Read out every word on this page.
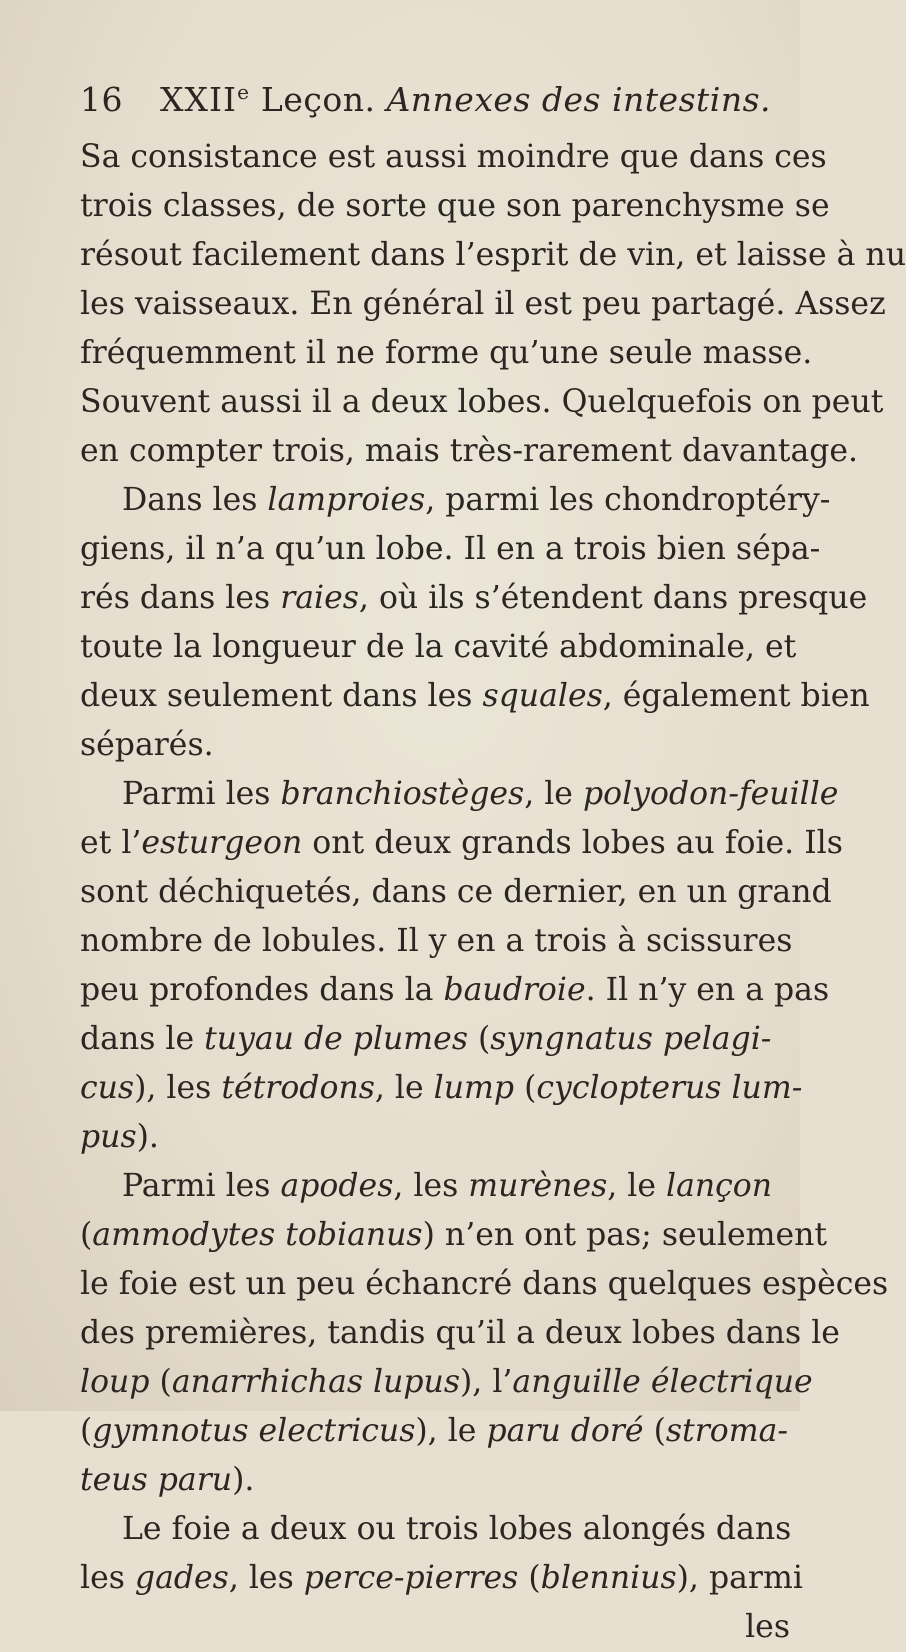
16 XXIIe Leçon. Annexes des intestins.
Sa consistance est aussi moindre que dans ces
trois classes, de sorte que son parenchysme se
résout facilement dans l’esprit de vin, et laisse à nu
les vaisseaux. En général il est peu partagé. Assez
fréquemment il ne forme qu’une seule masse.
Souvent aussi il a deux lobes. Quelquefois on peut
en compter trois, mais très-rarement davantage.
Dans les lamproies, parmi les chondroptéry-
giens, il n’a qu’un lobe. Il en a trois bien sépa-
rés dans les raies, où ils s’étendent dans presque
toute la longueur de la cavité abdominale, et
deux seulement dans les squales, également bien
séparés.
Parmi les branchiostèges, le polyodon-feuille
et l’esturgeon ont deux grands lobes au foie. Ils
sont déchiquetés, dans ce dernier, en un grand
nombre de lobules. Il y en a trois à scissures
peu profondes dans la baudroie. Il n’y en a pas
dans le tuyau de plumes (syngnatus pelagi-
cus), les tétrodons, le lump (cyclopterus lum-
pus).
Parmi les apodes, les murènes, le lançon
(ammodytes tobianus) n’en ont pas; seulement
le foie est un peu échancré dans quelques espèces
des premières, tandis qu’il a deux lobes dans le
loup (anarrhichas lupus), l’anguille électrique
(gymnotus electricus), le paru doré (stroma-
teus paru).
Le foie a deux ou trois lobes alongés dans
les gades, les perce-pierres (blennius), parmi
les
